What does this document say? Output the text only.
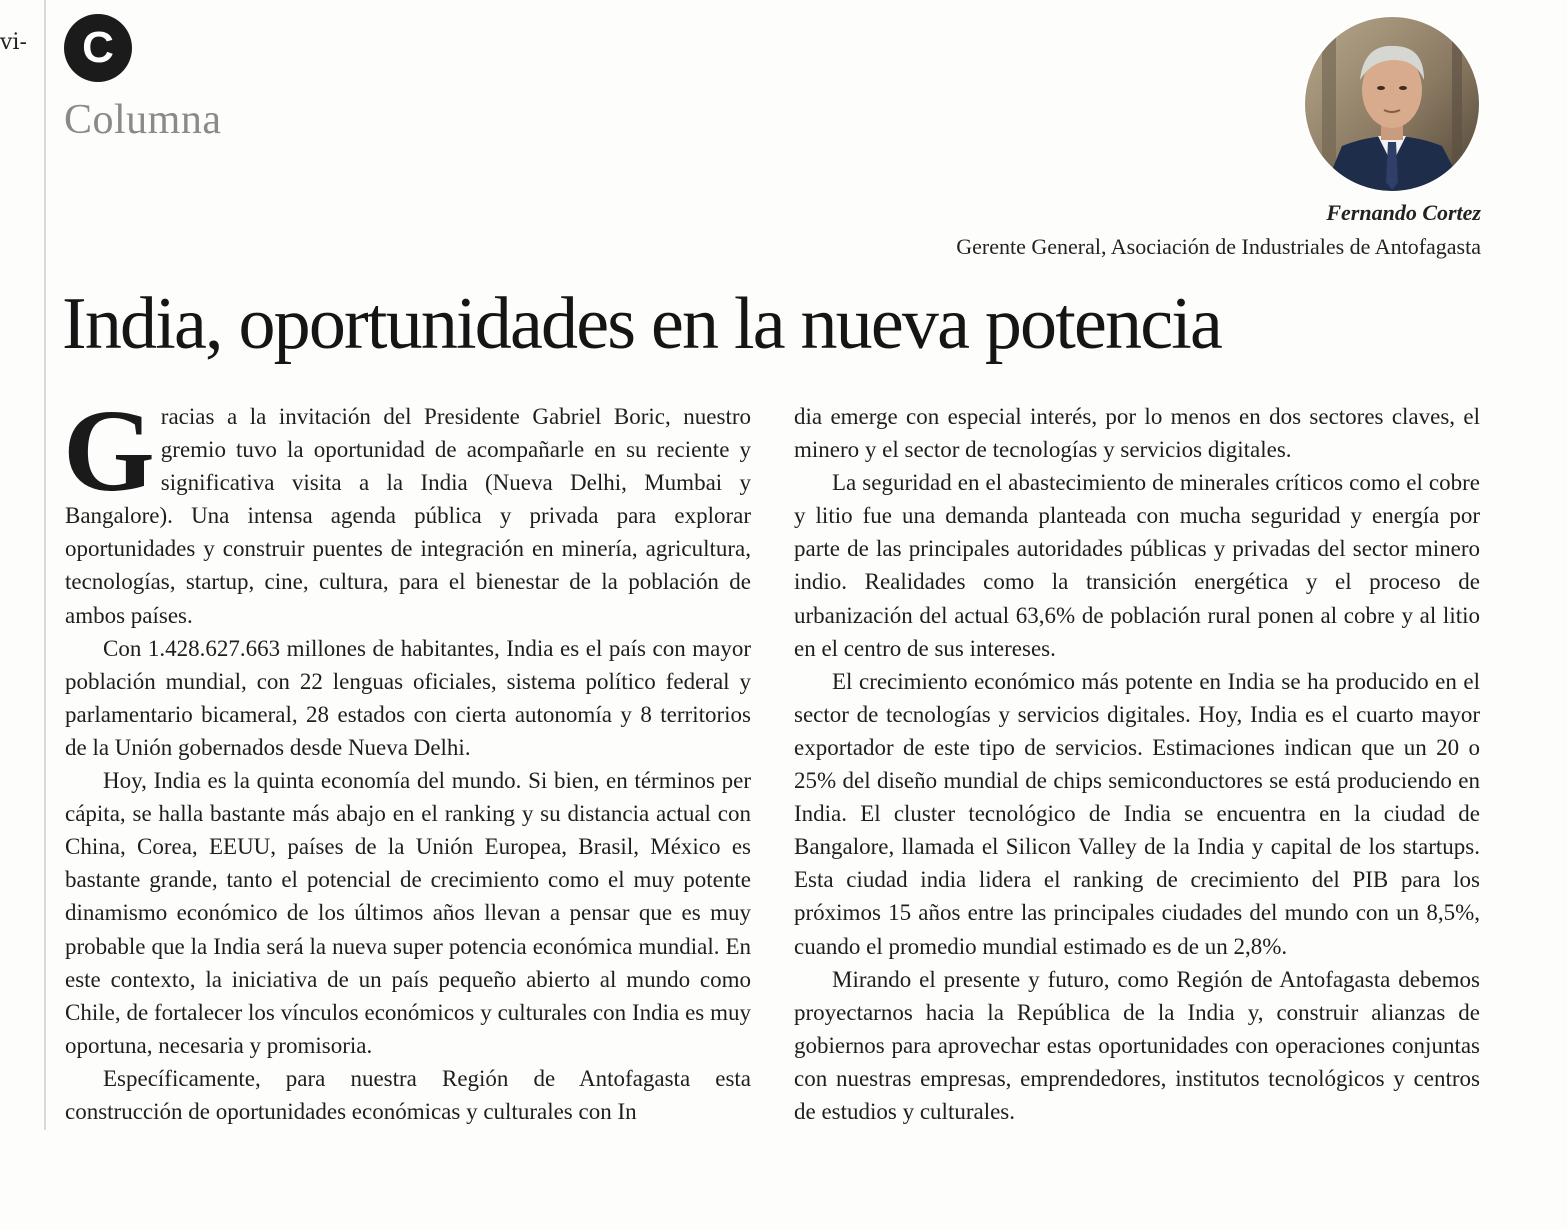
vi- C
Columna
Fernando Cortez
Gerente General, Asociación de Industriales de Antofagasta
India, oportunidades en la nueva potencia

Gracias a la invitación del Presidente Gabriel Boric, nuestro gremio tuvo la oportunidad de acompañarle en su reciente y significativa visita a la India (Nueva Delhi, Mumbai y Bangalore). Una intensa agenda pública y privada para explorar oportunidades y construir puentes de integración en minería, agricultura, tecnologías, startup, cine, cultura, para el bienestar de la población de ambos países.

Con 1.428.627.663 millones de habitantes, India es el país con mayor población mundial, con 22 lenguas oficiales, sistema político federal y parlamentario bicameral, 28 estados con cierta autonomía y 8 territorios de la Unión gobernados desde Nueva Delhi.

Hoy, India es la quinta economía del mundo. Si bien, en términos per cápita, se halla bastante más abajo en el ranking y su distancia actual con China, Corea, EEUU, países de la Unión Europea, Brasil, México es bastante grande, tanto el potencial de crecimiento como el muy potente dinamismo económico de los últimos años llevan a pensar que es muy probable que la India será la nueva super potencia económica mundial. En este contexto, la iniciativa de un país pequeño abierto al mundo como Chile, de fortalecer los vínculos económicos y culturales con India es muy oportuna, necesaria y promisoria.

Específicamente, para nuestra Región de Antofagasta esta construcción de oportunidades económicas y culturales con In

dia emerge con especial interés, por lo menos en dos sectores claves, el minero y el sector de tecnologías y servicios digitales.

La seguridad en el abastecimiento de minerales críticos como el cobre y litio fue una demanda planteada con mucha seguridad y energía por parte de las principales autoridades públicas y privadas del sector minero indio. Realidades como la transición energética y el proceso de urbanización del actual 63,6% de población rural ponen al cobre y al litio en el centro de sus intereses.

El crecimiento económico más potente en India se ha producido en el sector de tecnologías y servicios digitales. Hoy, India es el cuarto mayor exportador de este tipo de servicios. Estimaciones indican que un 20 o 25% del diseño mundial de chips semiconductores se está produciendo en India. El cluster tecnológico de India se encuentra en la ciudad de Bangalore, llamada el Silicon Valley de la India y capital de los startups. Esta ciudad india lidera el ranking de crecimiento del PIB para los próximos 15 años entre las principales ciudades del mundo con un 8,5%, cuando el promedio mundial estimado es de un 2,8%.

Mirando el presente y futuro, como Región de Antofagasta debemos proyectarnos hacia la República de la India y, construir alianzas de gobiernos para aprovechar estas oportunidades con operaciones conjuntas con nuestras empresas, emprendedores, institutos tecnológicos y centros de estudios y culturales.
